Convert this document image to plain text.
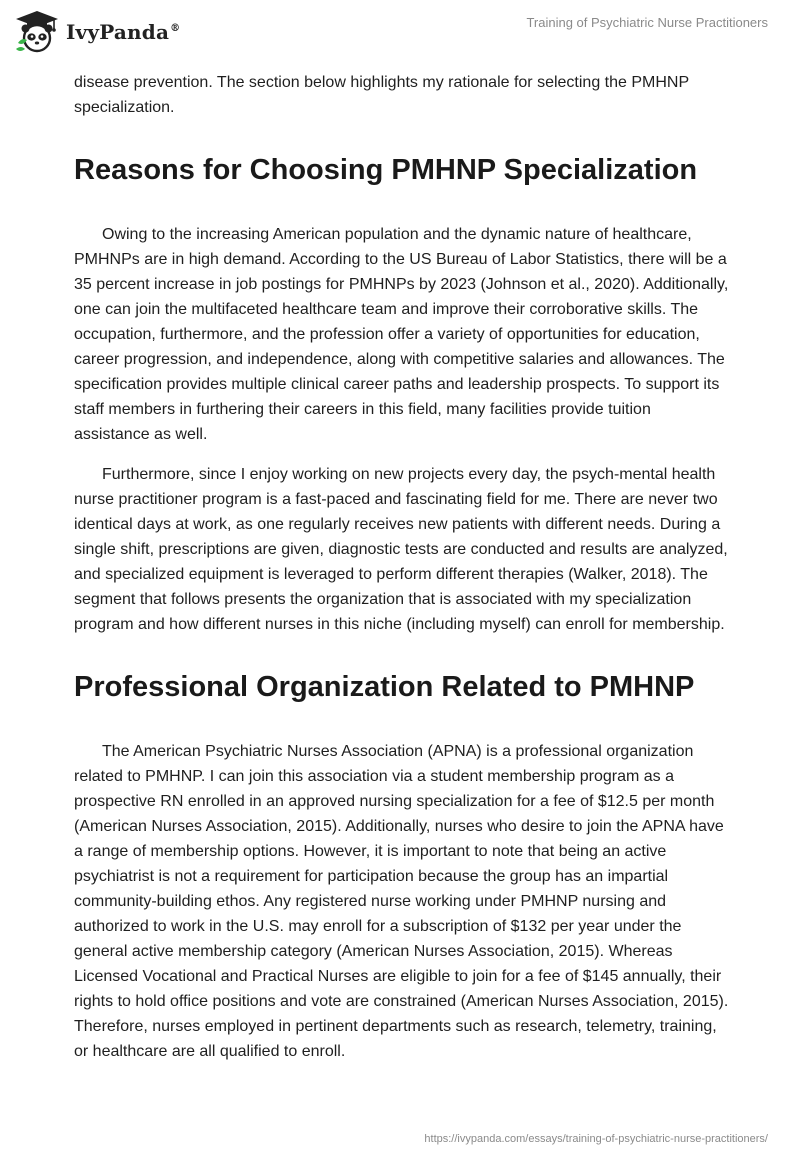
IvyPanda®	Training of Psychiatric Nurse Practitioners

disease prevention. The section below highlights my rationale for selecting the PMHNP specialization.

Reasons for Choosing PMHNP Specialization

Owing to the increasing American population and the dynamic nature of healthcare, PMHNPs are in high demand. According to the US Bureau of Labor Statistics, there will be a 35 percent increase in job postings for PMHNPs by 2023 (Johnson et al., 2020). Additionally, one can join the multifaceted healthcare team and improve their corroborative skills. The occupation, furthermore, and the profession offer a variety of opportunities for education, career progression, and independence, along with competitive salaries and allowances. The specification provides multiple clinical career paths and leadership prospects. To support its staff members in furthering their careers in this field, many facilities provide tuition assistance as well.

Furthermore, since I enjoy working on new projects every day, the psych-mental health nurse practitioner program is a fast-paced and fascinating field for me. There are never two identical days at work, as one regularly receives new patients with different needs. During a single shift, prescriptions are given, diagnostic tests are conducted and results are analyzed, and specialized equipment is leveraged to perform different therapies (Walker, 2018). The segment that follows presents the organization that is associated with my specialization program and how different nurses in this niche (including myself) can enroll for membership.

Professional Organization Related to PMHNP

The American Psychiatric Nurses Association (APNA) is a professional organization related to PMHNP. I can join this association via a student membership program as a prospective RN enrolled in an approved nursing specialization for a fee of $12.5 per month (American Nurses Association, 2015). Additionally, nurses who desire to join the APNA have a range of membership options. However, it is important to note that being an active psychiatrist is not a requirement for participation because the group has an impartial community-building ethos. Any registered nurse working under PMHNP nursing and authorized to work in the U.S. may enroll for a subscription of $132 per year under the general active membership category (American Nurses Association, 2015). Whereas Licensed Vocational and Practical Nurses are eligible to join for a fee of $145 annually, their rights to hold office positions and vote are constrained (American Nurses Association, 2015). Therefore, nurses employed in pertinent departments such as research, telemetry, training, or healthcare are all qualified to enroll.

https://ivypanda.com/essays/training-of-psychiatric-nurse-practitioners/
